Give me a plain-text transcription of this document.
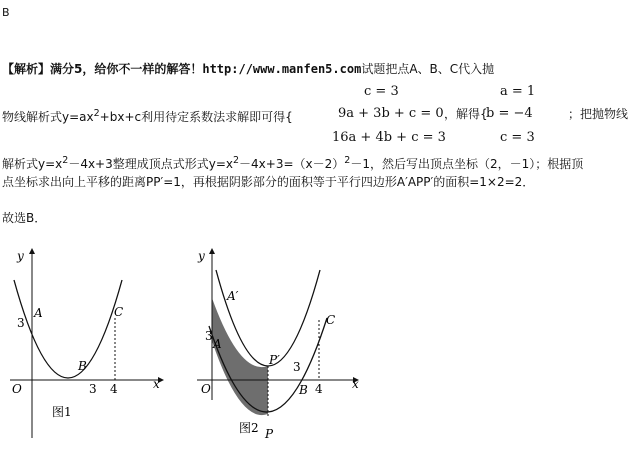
B
【解析】满分5，给你不一样的解答！http://www.manfen5.com试题把点A、B、C代入抛
c = 3	a = 1
物线解析式$y=ax^2+bx+c$利用待定系数法求解即可得{	9a + 3b + c = 0 ，解得{
b = −4	；把抛物线
16a + 4b + c = 3	c = 3
解析式$y=x^2-4x+3$整理成顶点式形式$y=x^2-4x+3=(x-2)^2-1$，然后写出顶点坐标（2，－1）；根据顶
点坐标求出向上平移的距离PP′=1，再根据阴影部分的面积等于平行四边形A′APP′的面积=1×2=2．
故选B．
y
x
O
A
3
B
C
3 4
图1
y
x
O
A′
A
3
P′ 3
B 4
C
图2 P
